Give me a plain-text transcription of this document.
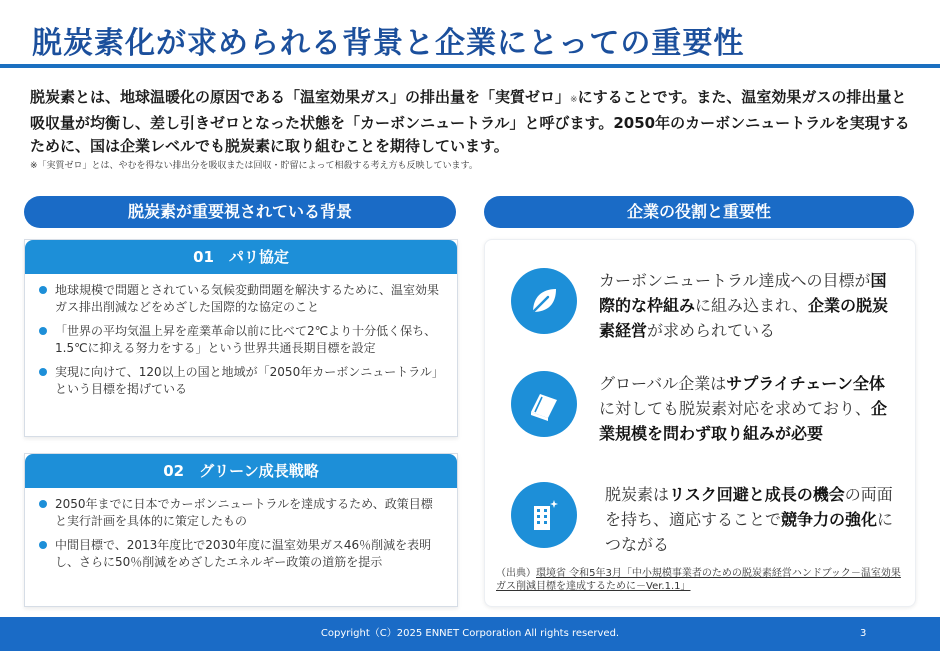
脱炭素化が求められる背景と企業にとっての重要性
脱炭素とは、地球温暖化の原因である「温室効果ガス」の排出量を「実質ゼロ」※にすることです。また、温室効果ガスの排出量と吸収量が均衡し、差し引きゼロとなった状態を「カーボンニュートラル」と呼びます。2050年のカーボンニュートラルを実現するために、国は企業レベルでも脱炭素に取り組むことを期待しています。
※「実質ゼロ」とは、やむを得ない排出分を吸収または回収・貯留によって相殺する考え方も反映しています。
脱炭素が重要視されている背景
01　パリ協定
地球規模で問題とされている気候変動問題を解決するために、温室効果ガス排出削減などをめざした国際的な協定のこと
「世界の平均気温上昇を産業革命以前に比べて2℃より十分低く保ち、1.5℃に抑える努力をする」という世界共通長期目標を設定
実現に向けて、120以上の国と地域が「2050年カーボンニュートラル」という目標を掲げている
02　グリーン成長戦略
2050年までに日本でカーボンニュートラルを達成するため、政策目標と実行計画を具体的に策定したもの
中間目標で、2013年度比で2030年度に温室効果ガス46％削減を表明し、さらに50％削減をめざしたエネルギー政策の道筋を提示
企業の役割と重要性
カーボンニュートラル達成への目標が国際的な枠組みに組み込まれ、企業の脱炭素経営が求められている
グローバル企業はサプライチェーン全体に対しても脱炭素対応を求めており、企業規模を問わず取り組みが必要
脱炭素はリスク回避と成長の機会の両面を持ち、適応することで競争力の強化につながる
（出典）環境省 令和5年3月「中小規模事業者のための脱炭素経営ハンドブック－温室効果ガス削減目標を達成するために－Ver.1.1」
Copyright（C）2025 ENNET Corporation All rights reserved.	3
